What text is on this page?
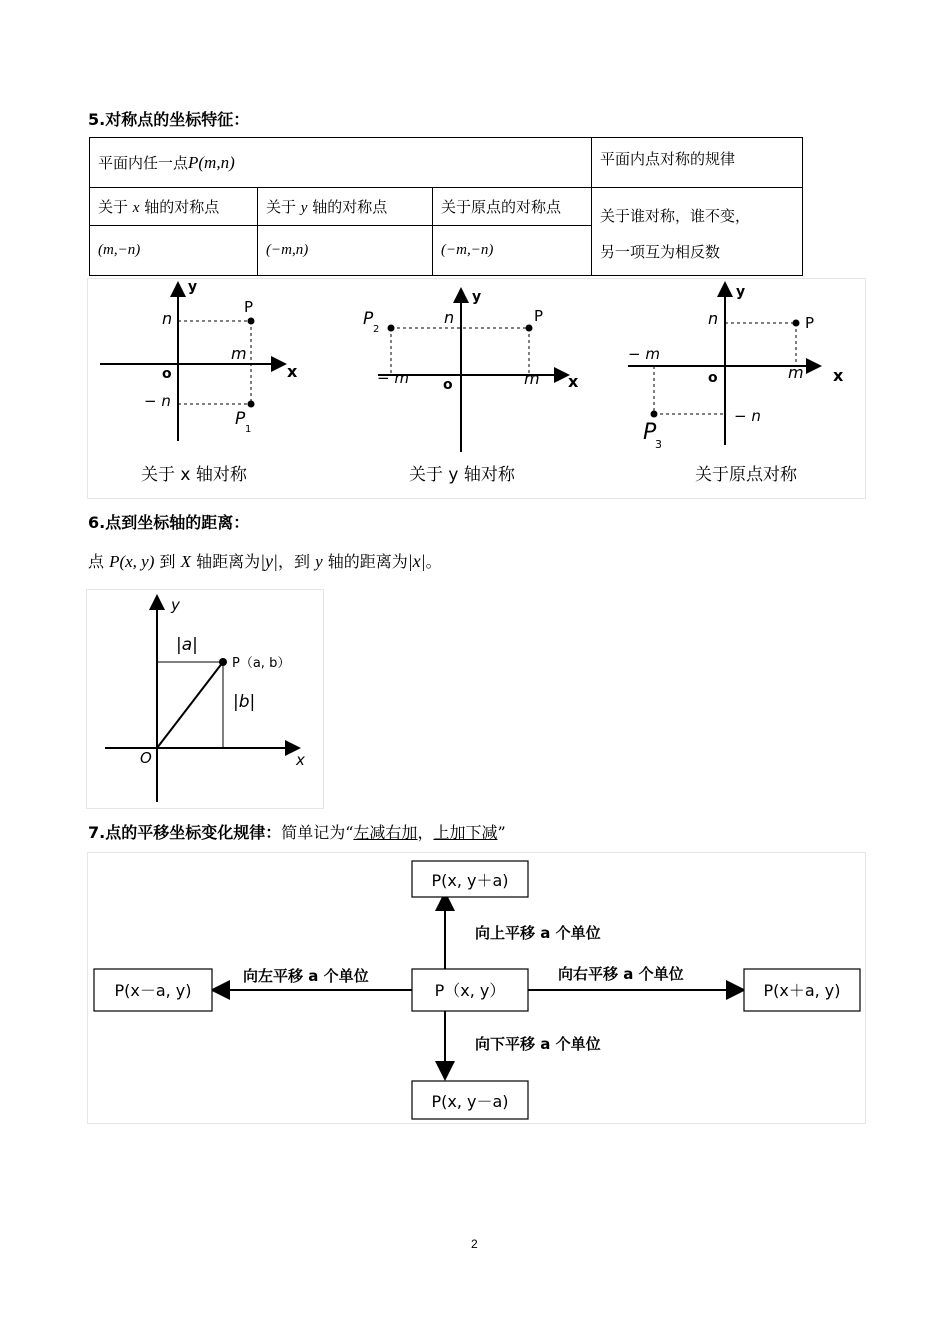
5.对称点的坐标特征：
平面内任一点P(m,n)			平面内点对称的规律
关于 x 轴的对称点	关于 y 轴的对称点	关于原点的对称点	关于谁对称，谁不变，
另一项互为相反数

(m,−n)	(−m,n)	(−m,−n)	
y
x
o
n
− n
m
P
P
1
关于 x 轴对称
y
x
o
n
− m	m
P
P
2
关于 y 轴对称
y
x
o
n
− n
− m
m
P
P
3
关于原点对称
6.点到坐标轴的距离：
点 P(x, y) 到 X 轴距离为|y|，到 y 轴的距离为|x|。
y
x
O
|a|
|b|
P（a, b）
7.点的平移坐标变化规律：简单记为“左减右加，上加下减”
P（x, y）
P(x, y＋a)
P(x, y－a)
P(x－a, y)	P(x＋a, y)
向上平移 a 个单位
向下平移 a 个单位
向左平移 a 个单位	向右平移 a 个单位
2
